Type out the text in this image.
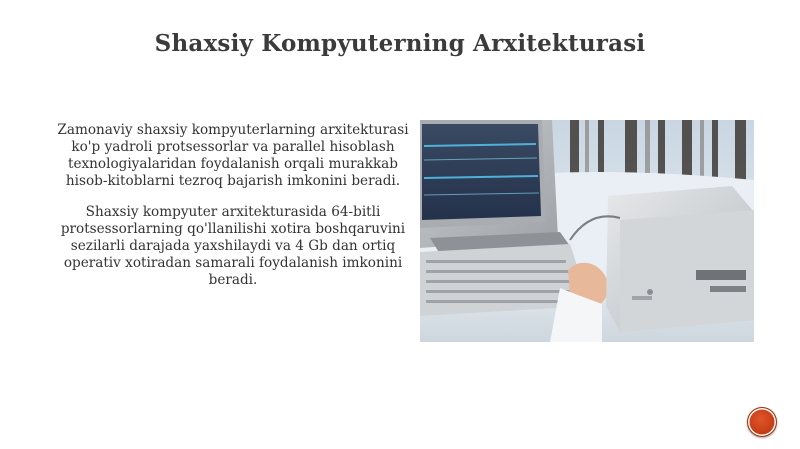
Shaxsiy Kompyuterning Arxitekturasi

Zamonaviy shaxsiy kompyuterlarning arxitekturasi ko'p yadroli protsessorlar va parallel hisoblash texnologiyalaridan foydalanish orqali murakkab hisob-kitoblarni tezroq bajarish imkonini beradi.

Shaxsiy kompyuter arxitekturasida 64-bitli protsessorlarning qo'llanilishi xotira boshqaruvini sezilarli darajada yaxshilaydi va 4 Gb dan ortiq operativ xotiradan samarali foydalanish imkonini beradi.
